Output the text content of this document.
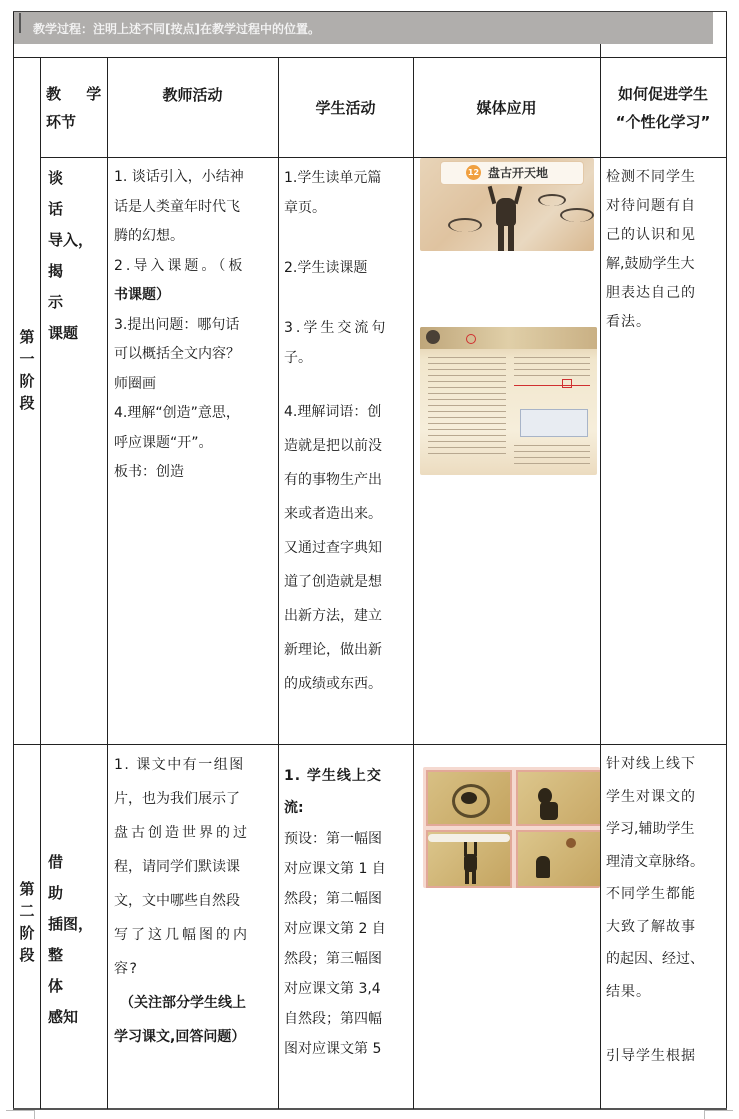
教学过程：注明上述不同[按点]在教学过程中的位置。
教 学
环节
教师活动
学生活动	媒体应用
如何促进学生
“个性化学习”
第
一
阶
段
谈 话
导入，
揭 示
课题

1. 谈话引入，小结神

话是人类童年时代飞

腾的幻想。

2.导入课题。（板

书课题）

3.提出问题：哪句话

可以概括全文内容？

师圈画

4.理解“创造”意思，

呼应课题“开”。

板书：创造

1.学生读单元篇

章页。

2.学生读课题

3.学生交流句

子。

4.理解词语：创

造就是把以前没

有的事物生产出

来或者造出来。

又通过查字典知

道了创造就是想

出新方法，建立

新理论，做出新

的成绩或东西。

12 盘古开天地	检测不同学生

对待问题有自

己的认识和见

解,鼓励学生大

胆表达自己的

看法。

第
二
阶
段
借 助
插图，
整 体
感知

1. 课文中有一组图

片，也为我们展示了

盘古创造世界的过

程，请同学们默读课

文，文中哪些自然段

写了这几幅图的内

容?

（关注部分学生线上

学习课文,回答问题）

1. 学生线上交

流:

预设：第一幅图

对应课文第 1 自

然段；第二幅图

对应课文第 2 自

然段；第三幅图

对应课文第 3,4

自然段；第四幅

图对应课文第 5

针对线上线下

学生对课文的

学习,辅助学生

理清文章脉络。

不同学生都能

大致了解故事

的起因、经过、

结果。

引导学生根据
